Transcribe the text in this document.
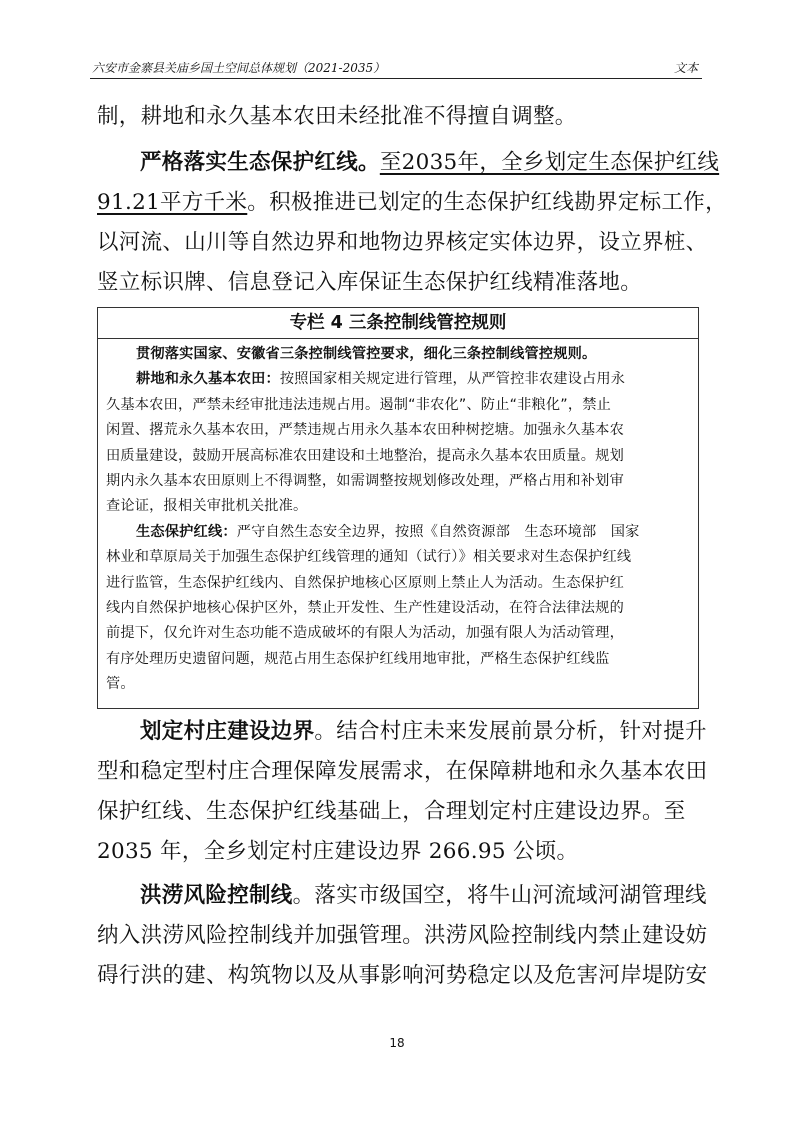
六安市金寨县关庙乡国土空间总体规划（2021-2035）	文本
制，耕地和永久基本农田未经批准不得擅自调整。
严格落实生态保护红线。至2035年，全乡划定生态保护红线
91.21平方千米。积极推进已划定的生态保护红线勘界定标工作，
以河流、山川等自然边界和地物边界核定实体边界，设立界桩、
竖立标识牌、信息登记入库保证生态保护红线精准落地。
专栏 4 三条控制线管控规则
贯彻落实国家、安徽省三条控制线管控要求，细化三条控制线管控规则。
耕地和永久基本农田：按照国家相关规定进行管理，从严管控非农建设占用永
久基本农田，严禁未经审批违法违规占用。遏制“非农化”、防止“非粮化”，禁止
闲置、撂荒永久基本农田，严禁违规占用永久基本农田种树挖塘。加强永久基本农
田质量建设，鼓励开展高标准农田建设和土地整治，提高永久基本农田质量。规划
期内永久基本农田原则上不得调整，如需调整按规划修改处理，严格占用和补划审
查论证，报相关审批机关批准。
生态保护红线：严守自然生态安全边界，按照《自然资源部　生态环境部　国家
林业和草原局关于加强生态保护红线管理的通知（试行）》相关要求对生态保护红线
进行监管，生态保护红线内、自然保护地核心区原则上禁止人为活动。生态保护红
线内自然保护地核心保护区外，禁止开发性、生产性建设活动，在符合法律法规的
前提下，仅允许对生态功能不造成破坏的有限人为活动，加强有限人为活动管理，
有序处理历史遗留问题，规范占用生态保护红线用地审批，严格生态保护红线监
管。
划定村庄建设边界。结合村庄未来发展前景分析，针对提升
型和稳定型村庄合理保障发展需求，在保障耕地和永久基本农田
保护红线、生态保护红线基础上，合理划定村庄建设边界。至
2035 年，全乡划定村庄建设边界 266.95 公顷。
洪涝风险控制线。落实市级国空，将牛山河流域河湖管理线
纳入洪涝风险控制线并加强管理。洪涝风险控制线内禁止建设妨
碍行洪的建、构筑物以及从事影响河势稳定以及危害河岸堤防安
18
